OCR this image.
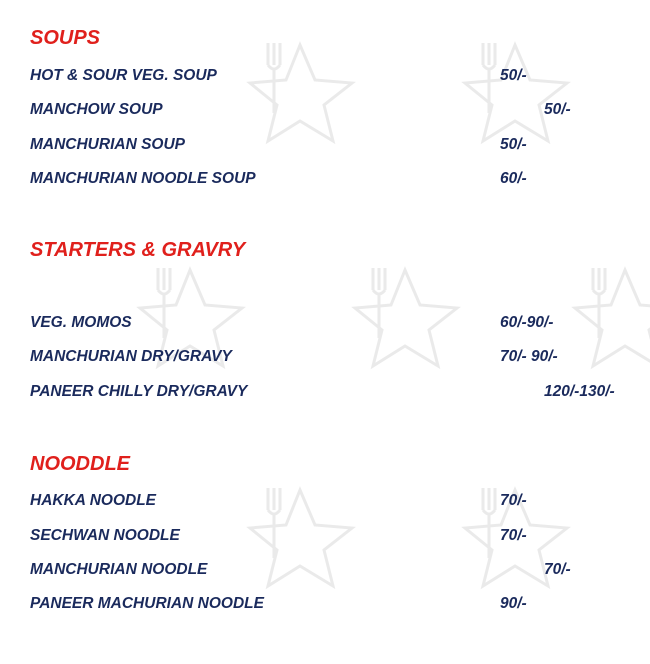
SOUPS
HOT & SOUR VEG. SOUP	50/-
MANCHOW SOUP	50/-
MANCHURIAN SOUP	50/-
MANCHURIAN NOODLE SOUP	60/-
STARTERS & GRAVRY
VEG. MOMOS	60/-90/-
MANCHURIAN DRY/GRAVY	70/- 90/-
PANEER CHILLY DRY/GRAVY	120/-130/-
NOODDLE
HAKKA NOODLE	70/-
SECHWAN NOODLE	70/-
MANCHURIAN NOODLE	70/-
PANEER MACHURIAN NOODLE	90/-
